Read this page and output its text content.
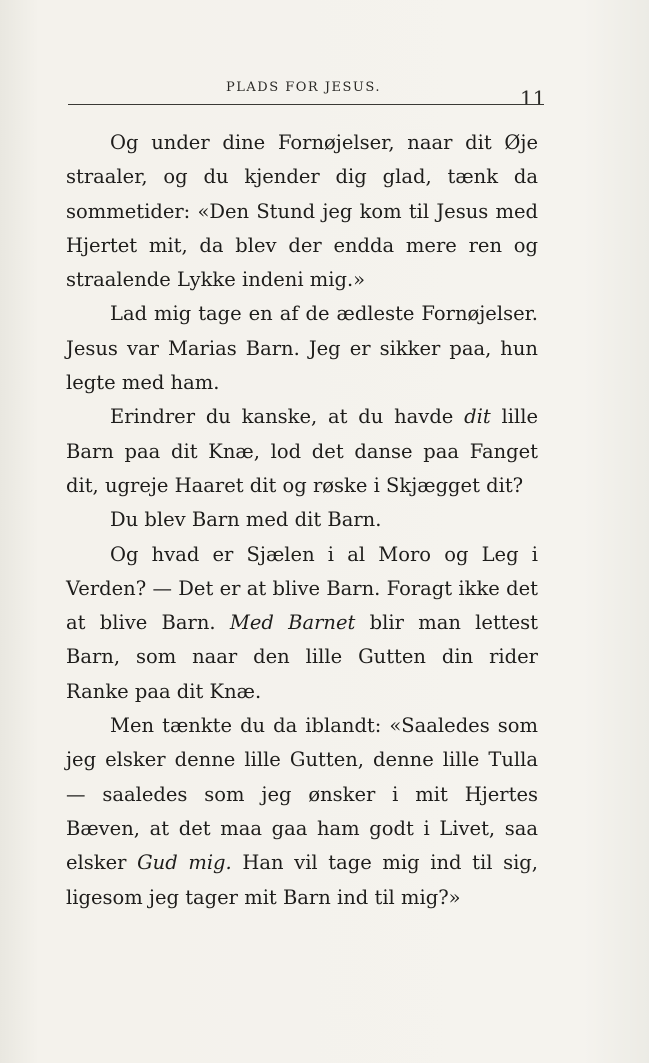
PLADS FOR JESUS.	11

Og under dine Fornøjelser, naar dit Øje straaler, og du kjender dig glad, tænk da sommetider: «Den Stund jeg kom til Jesus med Hjertet mit, da blev der endda mere ren og straalende Lykke indeni mig.»

Lad mig tage en af de ædleste Fornøjelser. Jesus var Marias Barn. Jeg er sikker paa, hun legte med ham.

Erindrer du kanske, at du havde dit lille Barn paa dit Knæ, lod det danse paa Fanget dit, ugreje Haaret dit og røske i Skjægget dit?

Du blev Barn med dit Barn.

Og hvad er Sjælen i al Moro og Leg i Verden? — Det er at blive Barn. Foragt ikke det at blive Barn. Med Barnet blir man lettest Barn, som naar den lille Gutten din rider Ranke paa dit Knæ.

Men tænkte du da iblandt: «Saaledes som jeg elsker denne lille Gutten, denne lille Tulla — saaledes som jeg ønsker i mit Hjertes Bæven, at det maa gaa ham godt i Livet, saa elsker Gud mig. Han vil tage mig ind til sig, ligesom jeg tager mit Barn ind til mig?»
